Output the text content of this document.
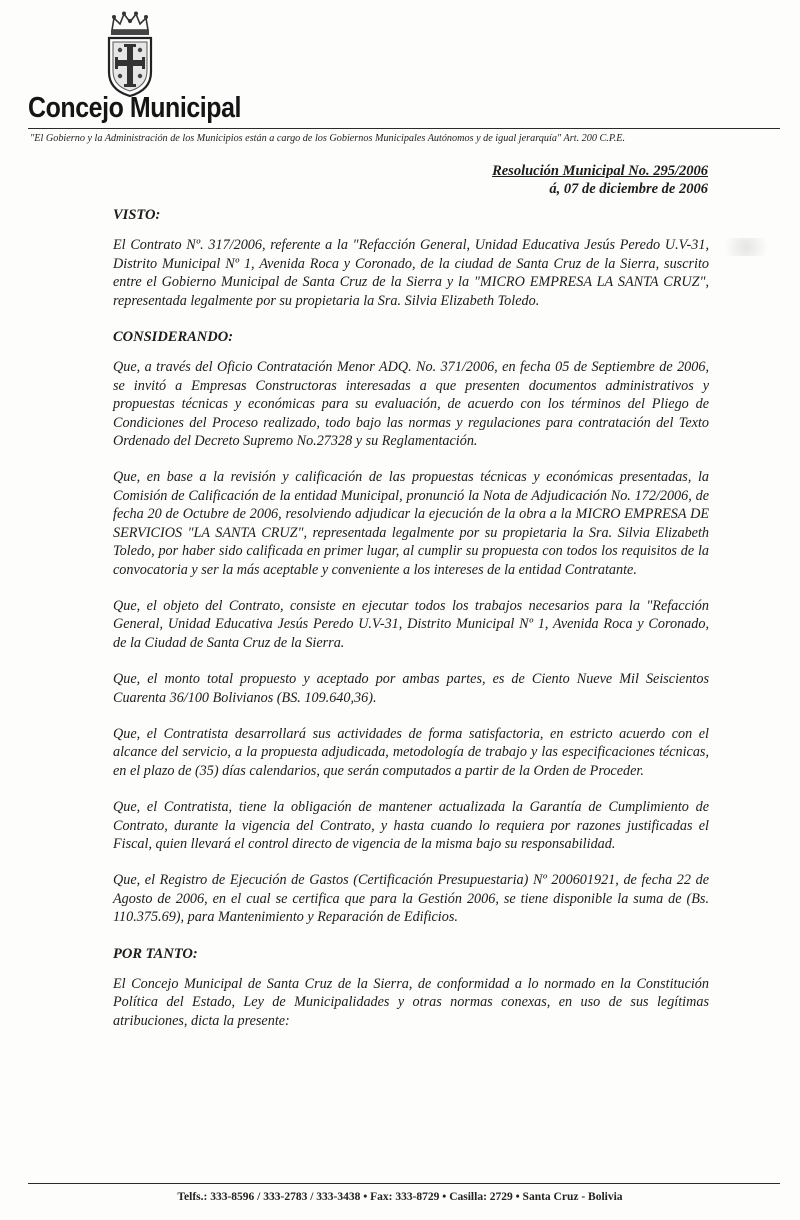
Concejo Municipal
"El Gobierno y la Administración de los Municipios están a cargo de los Gobiernos Municipales Autónomos y de igual jerarquía" Art. 200 C.P.E.
Resolución Municipal No. 295/2006
á, 07 de diciembre de 2006

VISTO:

El Contrato Nº. 317/2006, referente a la "Refacción General, Unidad Educativa Jesús Peredo U.V-31, Distrito Municipal Nº 1, Avenida Roca y Coronado, de la ciudad de Santa Cruz de la Sierra, suscrito entre el Gobierno Municipal de Santa Cruz de la Sierra y la "MICRO EMPRESA LA SANTA CRUZ", representada legalmente por su propietaria la Sra. Silvia Elizabeth Toledo.

CONSIDERANDO:

Que, a través del Oficio Contratación Menor ADQ. No. 371/2006, en fecha 05 de Septiembre de 2006, se invitó a Empresas Constructoras interesadas a que presenten documentos administrativos y propuestas técnicas y económicas para su evaluación, de acuerdo con los términos del Pliego de Condiciones del Proceso realizado, todo bajo las normas y regulaciones para contratación del Texto Ordenado del Decreto Supremo No.27328 y su Reglamentación.

Que, en base a la revisión y calificación de las propuestas técnicas y económicas presentadas, la Comisión de Calificación de la entidad Municipal, pronunció la Nota de Adjudicación No. 172/2006, de fecha 20 de Octubre de 2006, resolviendo adjudicar la ejecución de la obra a la MICRO EMPRESA DE SERVICIOS "LA SANTA CRUZ", representada legalmente por su propietaria la Sra. Silvia Elizabeth Toledo, por haber sido calificada en primer lugar, al cumplir su propuesta con todos los requisitos de la convocatoria y ser la más aceptable y conveniente a los intereses de la entidad Contratante.

Que, el objeto del Contrato, consiste en ejecutar todos los trabajos necesarios para la "Refacción General, Unidad Educativa Jesús Peredo U.V-31, Distrito Municipal Nº 1, Avenida Roca y Coronado, de la Ciudad de Santa Cruz de la Sierra.

Que, el monto total propuesto y aceptado por ambas partes, es de Ciento Nueve Mil Seiscientos Cuarenta 36/100 Bolivianos (BS. 109.640,36).

Que, el Contratista desarrollará sus actividades de forma satisfactoria, en estricto acuerdo con el alcance del servicio, a la propuesta adjudicada, metodología de trabajo y las especificaciones técnicas, en el plazo de (35) días calendarios, que serán computados a partir de la Orden de Proceder.

Que, el Contratista, tiene la obligación de mantener actualizada la Garantía de Cumplimiento de Contrato, durante la vigencia del Contrato, y hasta cuando lo requiera por razones justificadas el Fiscal, quien llevará el control directo de vigencia de la misma bajo su responsabilidad.

Que, el Registro de Ejecución de Gastos (Certificación Presupuestaria) Nº 200601921, de fecha 22 de Agosto de 2006, en el cual se certifica que para la Gestión 2006, se tiene disponible la suma de (Bs. 110.375.69), para Mantenimiento y Reparación de Edificios.

POR TANTO:

El Concejo Municipal de Santa Cruz de la Sierra, de conformidad a lo normado en la Constitución Política del Estado, Ley de Municipalidades y otras normas conexas, en uso de sus legítimas atribuciones, dicta la presente:

Telfs.: 333-8596 / 333-2783 / 333-3438 • Fax: 333-8729 • Casilla: 2729 • Santa Cruz - Bolivia
